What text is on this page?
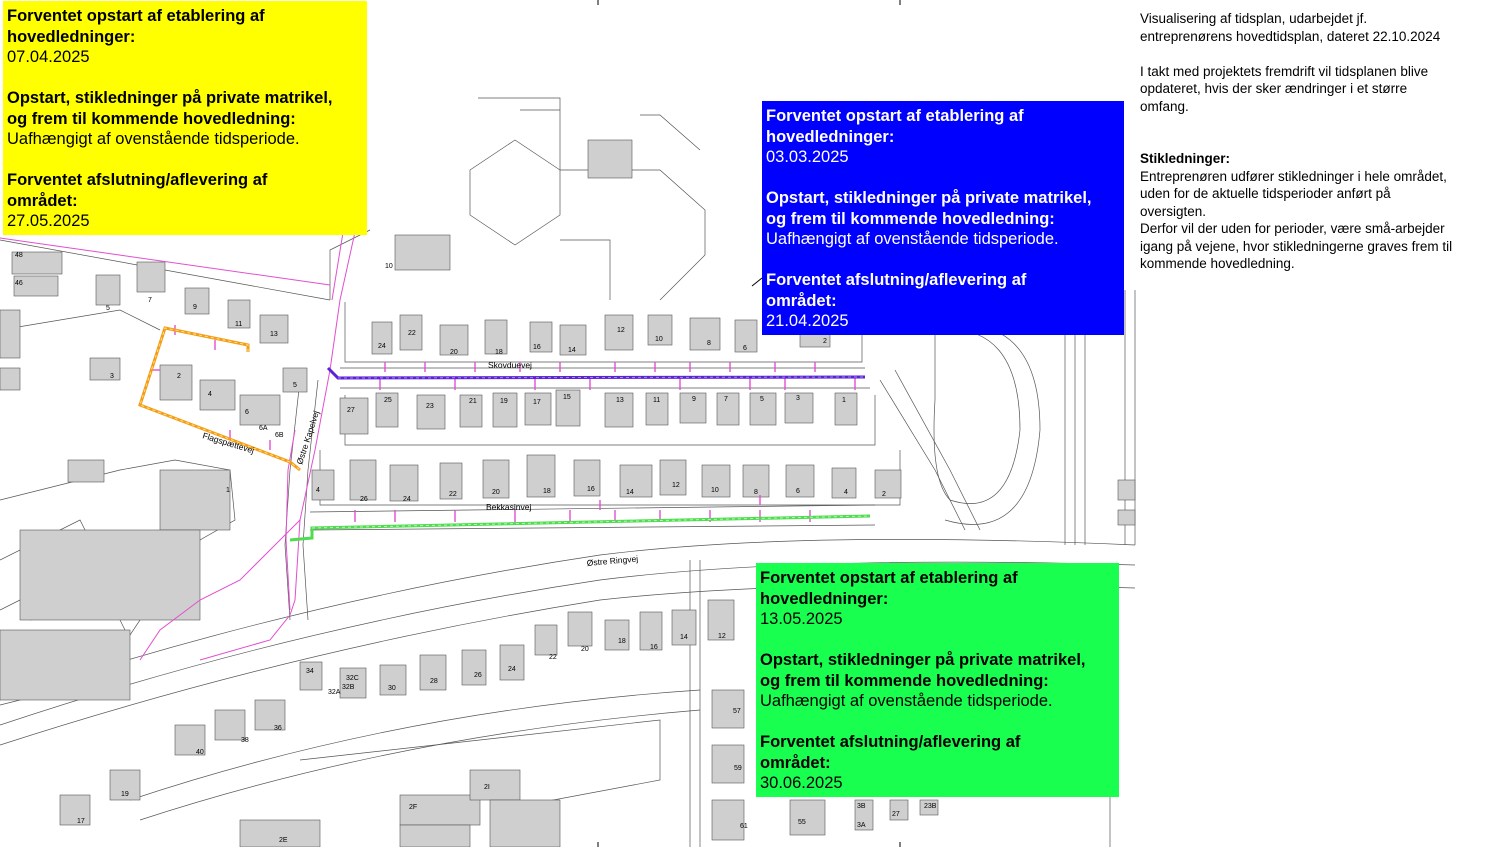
Skovduevej
Flagspættevej	Østre Kapelvej
Bekkasinvej
Østre Ringvej
10
48
46
7
9
5
11
13
3	2
4
6
5
6A
6B
1
24
22
20	18
16	14
12
10
8
6
2
27
25
23
21	19	17
15	13	11	9	7	5	3	1
4
26	24
22	20	18	16	14
12
10	8	6	4	2
22
20
18
16
14	12
34
32C
32B
32A
30
28
26
24
40
38
36
19
17
2F
2I
2E
57
59
61
55
3B
3A
27
23B
Forventet opstart af etablering af
hovedledninger:
07.04.2025
Opstart, stikledninger på private matrikel,
og frem til kommende hovedledning:
Uafhængigt af ovenstående tidsperiode.
Forventet afslutning/aflevering af
området:
27.05.2025
Forventet opstart af etablering af
hovedledninger:
03.03.2025
Opstart, stikledninger på private matrikel,
og frem til kommende hovedledning:
Uafhængigt af ovenstående tidsperiode.
Forventet afslutning/aflevering af
området:
21.04.2025
Forventet opstart af etablering af
hovedledninger:
13.05.2025
Opstart, stikledninger på private matrikel,
og frem til kommende hovedledning:
Uafhængigt af ovenstående tidsperiode.
Forventet afslutning/aflevering af
området:
30.06.2025

Visualisering af tidsplan, udarbejdet jf.

entreprenørens hovedtidsplan, dateret 22.10.2024

I takt med projektets fremdrift vil tidsplanen blive

opdateret, hvis der sker ændringer i et større

omfang.

Stikledninger:

Entreprenøren udfører stikledninger i hele området,

uden for de aktuelle tidsperioder anført på

oversigten.

Derfor vil der uden for perioder, være små-arbejder

igang på vejene, hvor stikledningerne graves frem til

kommende hovedledning.
